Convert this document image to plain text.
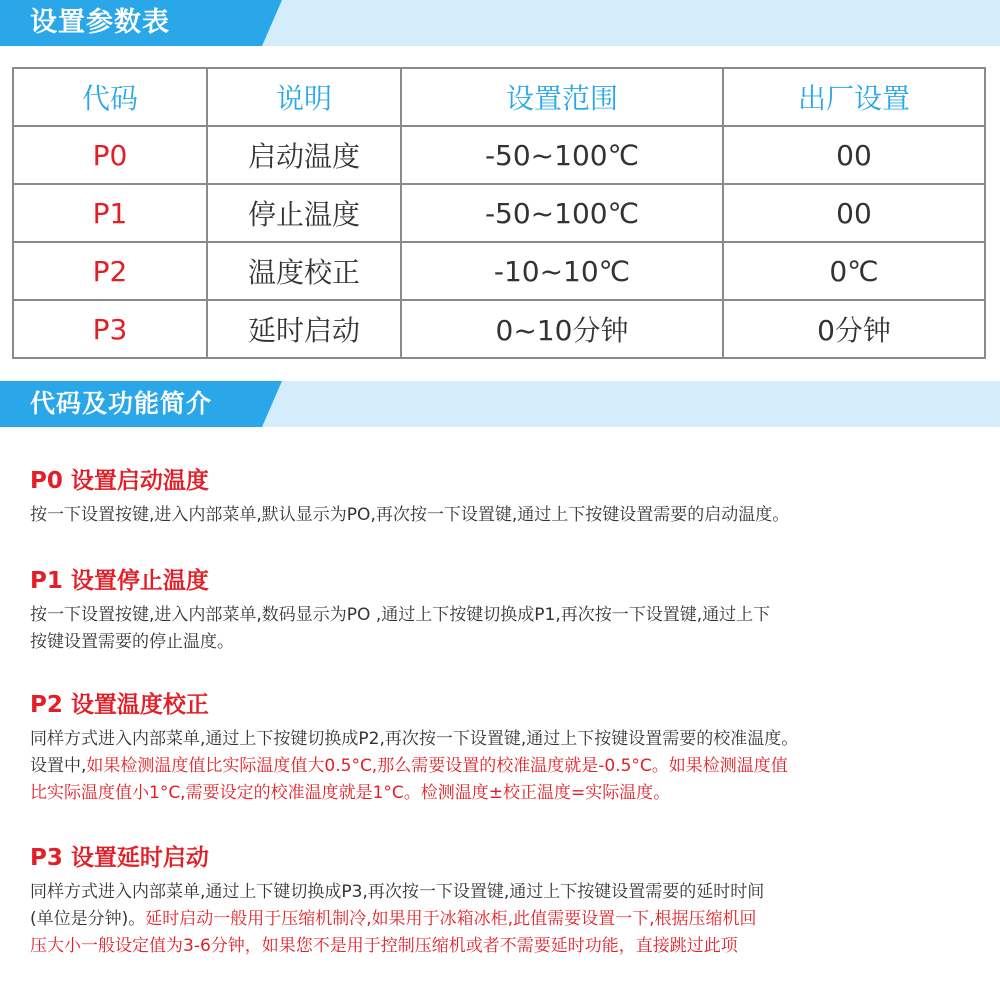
设置参数表
代码	说明	设置范围	出厂设置
P0	启动温度	-50~100℃	00
P1	停止温度	-50~100℃	00
P2	温度校正	-10~10℃	0℃
P3	延时启动	0~10分钟	0分钟
代码及功能简介

P0 设置启动温度

按一下设置按键,进入内部菜单,默认显示为PO,再次按一下设置键,通过上下按键设置需要的启动温度。

P1 设置停止温度

按一下设置按键,进入内部菜单,数码显示为PO ,通过上下按键切换成P1,再次按一下设置键,通过上下
按键设置需要的停止温度。

P2 设置温度校正

同样方式进入内部菜单,通过上下按键切换成P2,再次按一下设置键,通过上下按键设置需要的校准温度。
设置中,如果检测温度值比实际温度值大0.5°C,那么需要设置的校准温度就是-0.5°C。如果检测温度值
比实际温度值小1°C,需要设定的校准温度就是1°C。检测温度±校正温度=实际温度。

P3 设置延时启动

同样方式进入内部菜单,通过上下键切换成P3,再次按一下设置键,通过上下按键设置需要的延时时间
(单位是分钟)。延时启动一般用于压缩机制冷,如果用于冰箱冰柜,此值需要设置一下,根据压缩机回
压大小一般设定值为3-6分钟，如果您不是用于控制压缩机或者不需要延时功能，直接跳过此项
